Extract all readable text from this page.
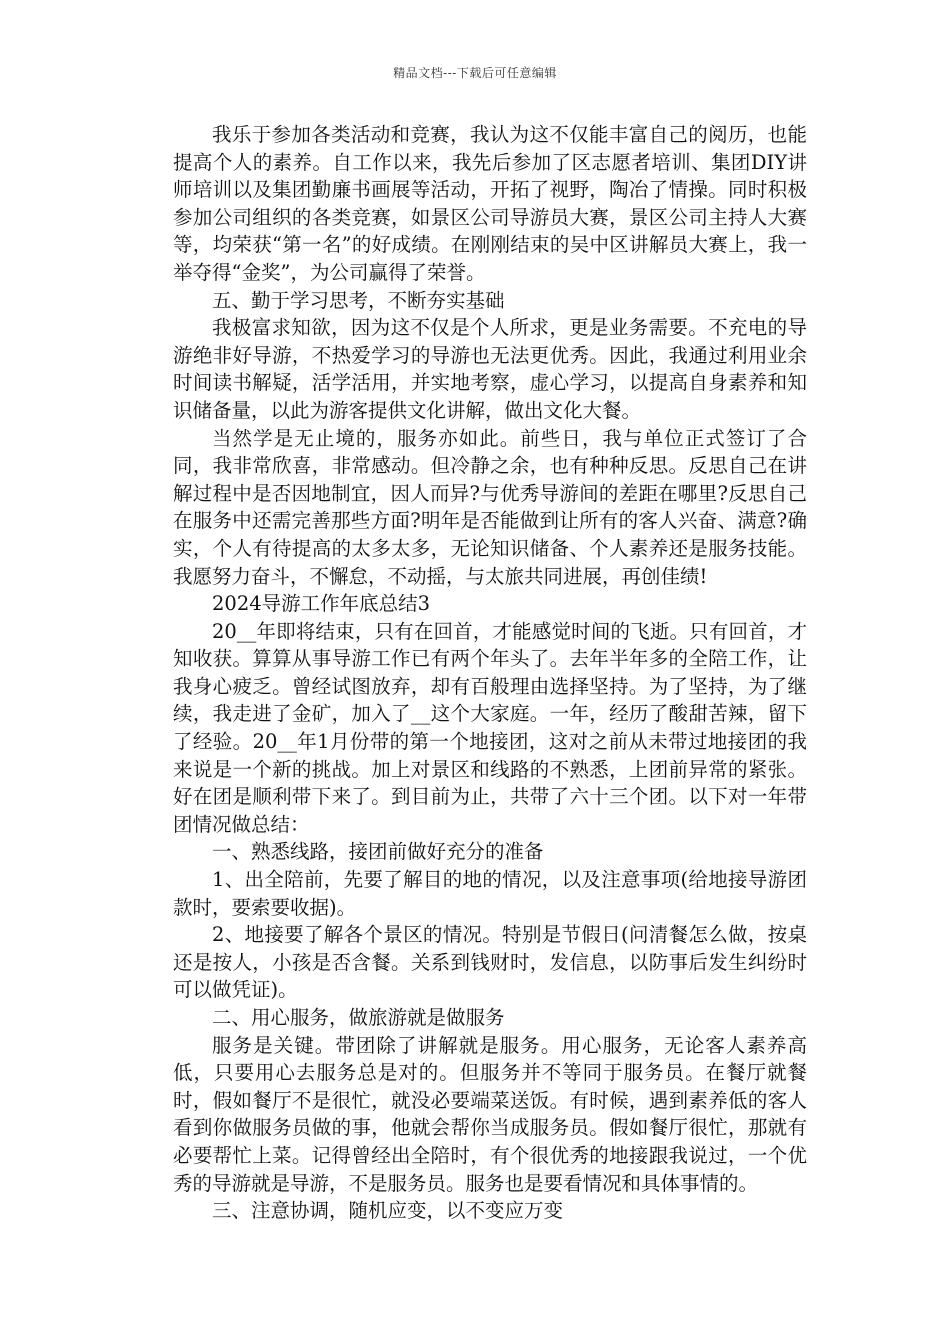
精品文档---下载后可任意编辑

我乐于参加各类活动和竞赛，我认为这不仅能丰富自己的阅历，也能提高个人的素养。自工作以来，我先后参加了区志愿者培训、集团DIY讲师培训以及集团勤廉书画展等活动，开拓了视野，陶冶了情操。同时积极参加公司组织的各类竞赛，如景区公司导游员大赛，景区公司主持人大赛等，均荣获“第一名”的好成绩。在刚刚结束的吴中区讲解员大赛上，我一举夺得“金奖”，为公司赢得了荣誉。

五、勤于学习思考，不断夯实基础

我极富求知欲，因为这不仅是个人所求，更是业务需要。不充电的导游绝非好导游，不热爱学习的导游也无法更优秀。因此，我通过利用业余时间读书解疑，活学活用，并实地考察，虚心学习，以提高自身素养和知识储备量，以此为游客提供文化讲解，做出文化大餐。

当然学是无止境的，服务亦如此。前些日，我与单位正式签订了合同，我非常欣喜，非常感动。但冷静之余，也有种种反思。反思自己在讲解过程中是否因地制宜，因人而异?与优秀导游间的差距在哪里?反思自己在服务中还需完善那些方面?明年是否能做到让所有的客人兴奋、满意?确实，个人有待提高的太多太多，无论知识储备、个人素养还是服务技能。我愿努力奋斗，不懈怠，不动摇，与太旅共同进展，再创佳绩!

2024导游工作年底总结3

20__年即将结束，只有在回首，才能感觉时间的飞逝。只有回首，才知收获。算算从事导游工作已有两个年头了。去年半年多的全陪工作，让我身心疲乏。曾经试图放弃，却有百般理由选择坚持。为了坚持，为了继续，我走进了金矿，加入了__这个大家庭。一年，经历了酸甜苦辣，留下了经验。20__年1月份带的第一个地接团，这对之前从未带过地接团的我来说是一个新的挑战。加上对景区和线路的不熟悉，上团前异常的紧张。好在团是顺利带下来了。到目前为止，共带了六十三个团。以下对一年带团情况做总结：

一、熟悉线路，接团前做好充分的准备

1、出全陪前，先要了解目的地的情况，以及注意事项(给地接导游团款时，要索要收据)。

2、地接要了解各个景区的情况。特别是节假日(问清餐怎么做，按桌还是按人，小孩是否含餐。关系到钱财时，发信息，以防事后发生纠纷时可以做凭证)。

二、用心服务，做旅游就是做服务

服务是关键。带团除了讲解就是服务。用心服务，无论客人素养高低，只要用心去服务总是对的。但服务并不等同于服务员。在餐厅就餐时，假如餐厅不是很忙，就没必要端菜送饭。有时候，遇到素养低的客人看到你做服务员做的事，他就会帮你当成服务员。假如餐厅很忙，那就有必要帮忙上菜。记得曾经出全陪时，有个很优秀的地接跟我说过，一个优秀的导游就是导游，不是服务员。服务也是要看情况和具体事情的。

三、注意协调，随机应变，以不变应万变
